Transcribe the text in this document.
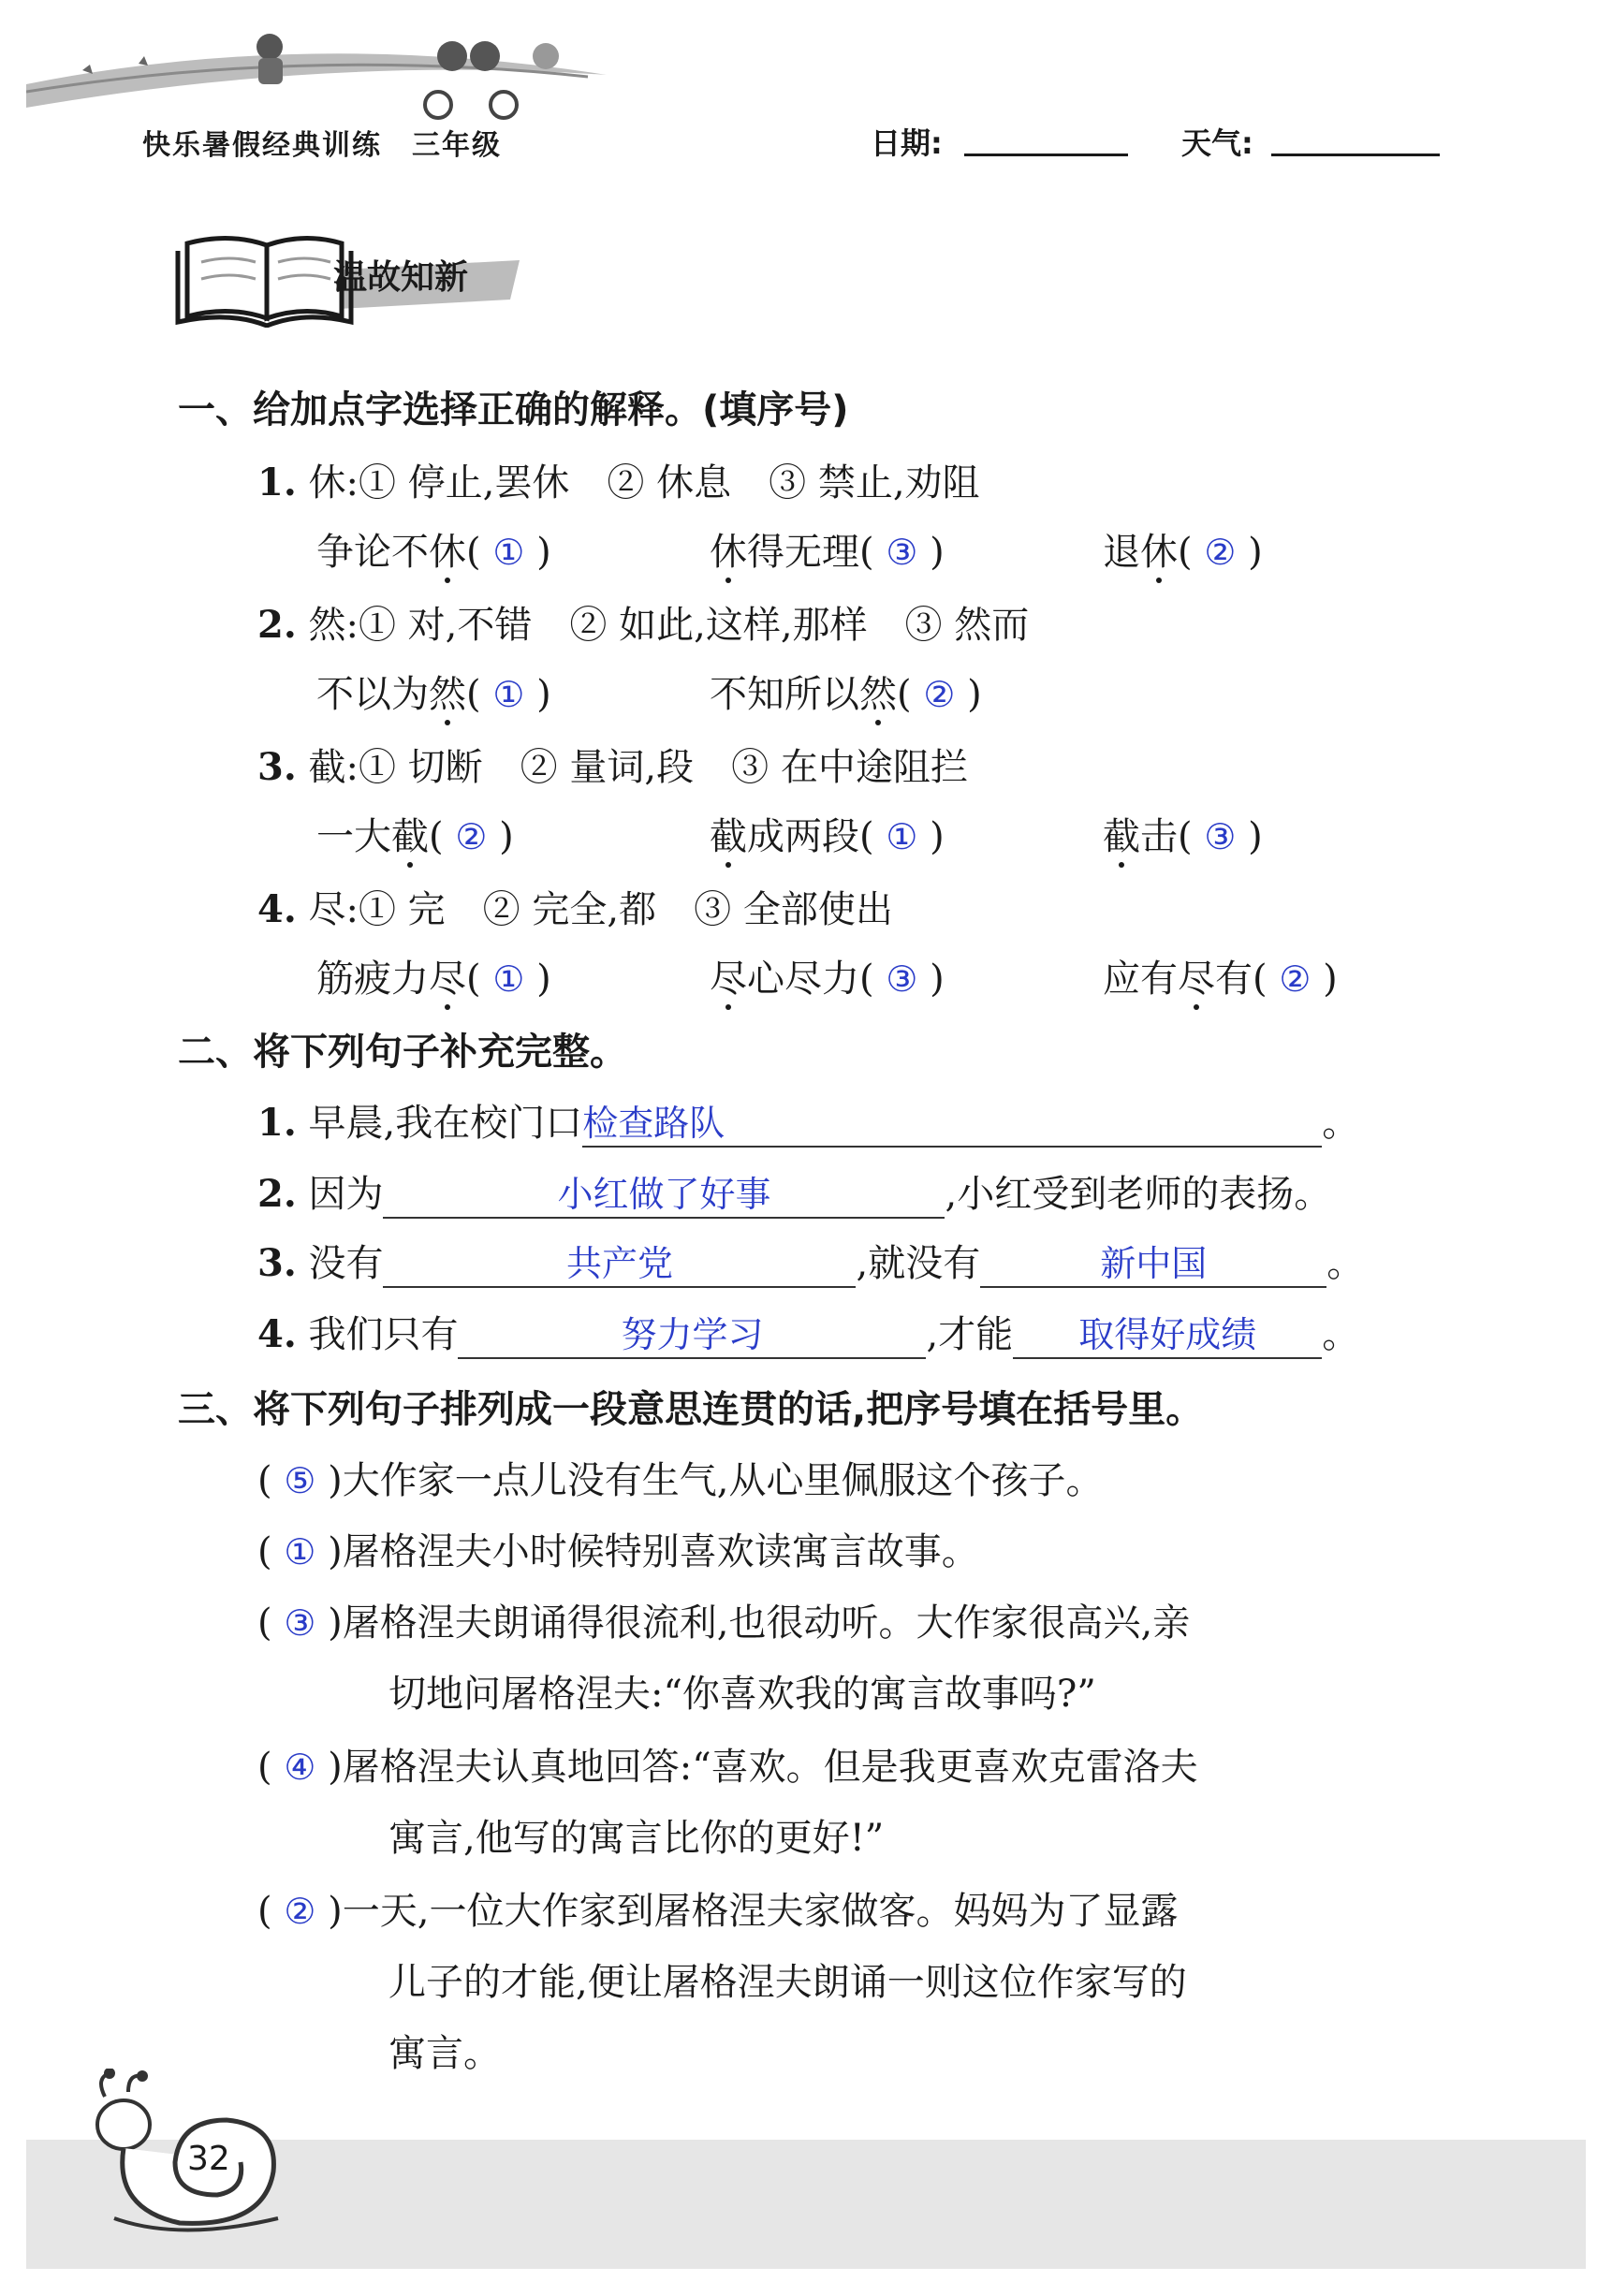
快乐暑假经典训练　三年级	日期:	天气:
温故知新
一、给加点字选择正确的解释。(填序号)
1. 休:① 停止,罢休　② 休息　③ 禁止,劝阻
争论不休( ① )	休得无理( ③ )	退休( ② )
2. 然:① 对,不错　② 如此,这样,那样　③ 然而
不以为然( ① )	不知所以然( ② )
3. 截:① 切断　② 量词,段　③ 在中途阻拦
一大截( ② )	截成两段( ① )	截击( ③ )
4. 尽:① 完　② 完全,都　③ 全部使出
筋疲力尽( ① )	尽心尽力( ③ )	应有尽有( ② )
二、将下列句子补充完整。
1. 早晨,我在校门口检查路队	。
2. 因为	小红做了好事	,小红受到老师的表扬。
3. 没有	共产党	,就没有	新中国	。
4. 我们只有	努力学习	,才能 取得好成绩 。
三、将下列句子排列成一段意思连贯的话,把序号填在括号里。
( ⑤ )大作家一点儿没有生气,从心里佩服这个孩子。
( ① )屠格涅夫小时候特别喜欢读寓言故事。
( ③ )屠格涅夫朗诵得很流利,也很动听。大作家很高兴,亲
切地问屠格涅夫:“你喜欢我的寓言故事吗?”
( ④ )屠格涅夫认真地回答:“喜欢。但是我更喜欢克雷洛夫
寓言,他写的寓言比你的更好!”
( ② )一天,一位大作家到屠格涅夫家做客。妈妈为了显露
儿子的才能,便让屠格涅夫朗诵一则这位作家写的
寓言。
32
